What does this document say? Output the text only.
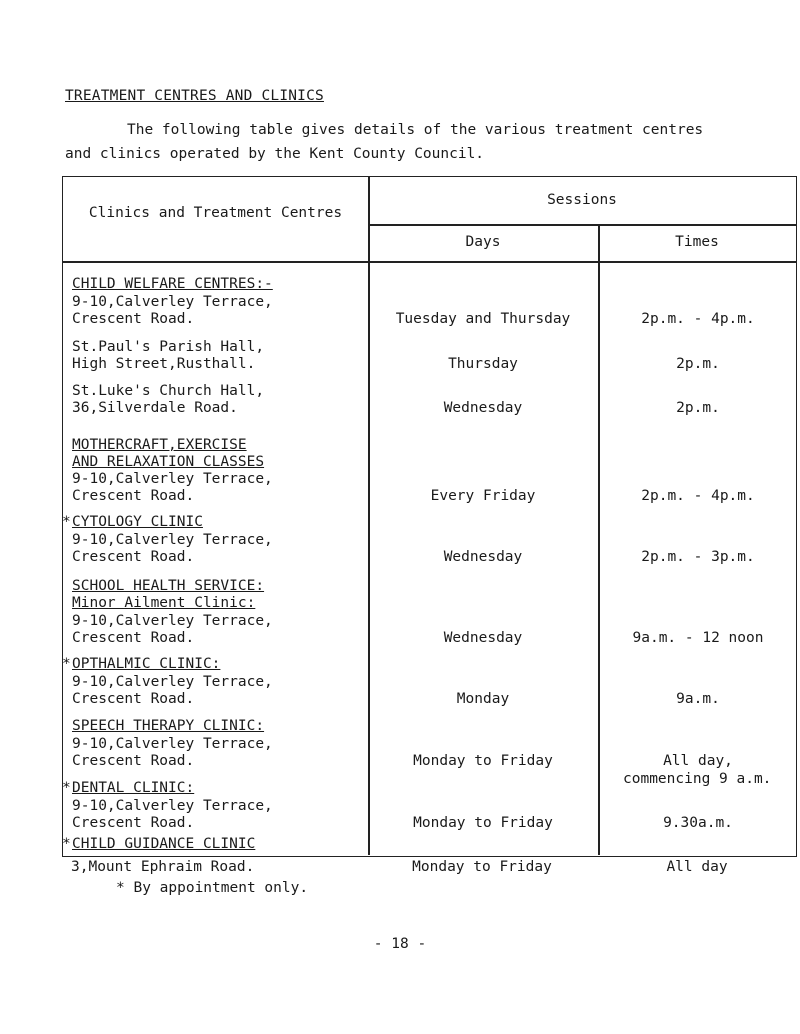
TREATMENT CENTRES AND CLINICS
The following table gives details of the various treatment centres
and clinics operated by the Kent County Council.
Clinics and Treatment Centres
Sessions
Days	Times
CHILD WELFARE CENTRES:-
9-10,Calverley Terrace,
Crescent Road.	Tuesday and Thursday	2p.m. - 4p.m.
St.Paul's Parish Hall,
High Street,Rusthall.	Thursday	2p.m.
St.Luke's Church Hall,
36,Silverdale Road.	Wednesday	2p.m.
MOTHERCRAFT,EXERCISE
AND RELAXATION CLASSES
9-10,Calverley Terrace,
Crescent Road.	Every Friday	2p.m. - 4p.m.
* CYTOLOGY CLINIC
9-10,Calverley Terrace,
Crescent Road.	Wednesday	2p.m. - 3p.m.
SCHOOL HEALTH SERVICE:
Minor Ailment Clinic:
9-10,Calverley Terrace,
Crescent Road.	Wednesday	9a.m. - 12 noon
* OPTHALMIC CLINIC:
9-10,Calverley Terrace,
Crescent Road.	Monday	9a.m.
SPEECH THERAPY CLINIC:
9-10,Calverley Terrace,
Crescent Road.	Monday to Friday	All day,
commencing 9 a.m.
* DENTAL CLINIC:
9-10,Calverley Terrace,
Crescent Road.	Monday to Friday	9.30a.m.
* CHILD GUIDANCE CLINIC
3,Mount Ephraim Road.	Monday to Friday	All day
* By appointment only.
- 18 -
